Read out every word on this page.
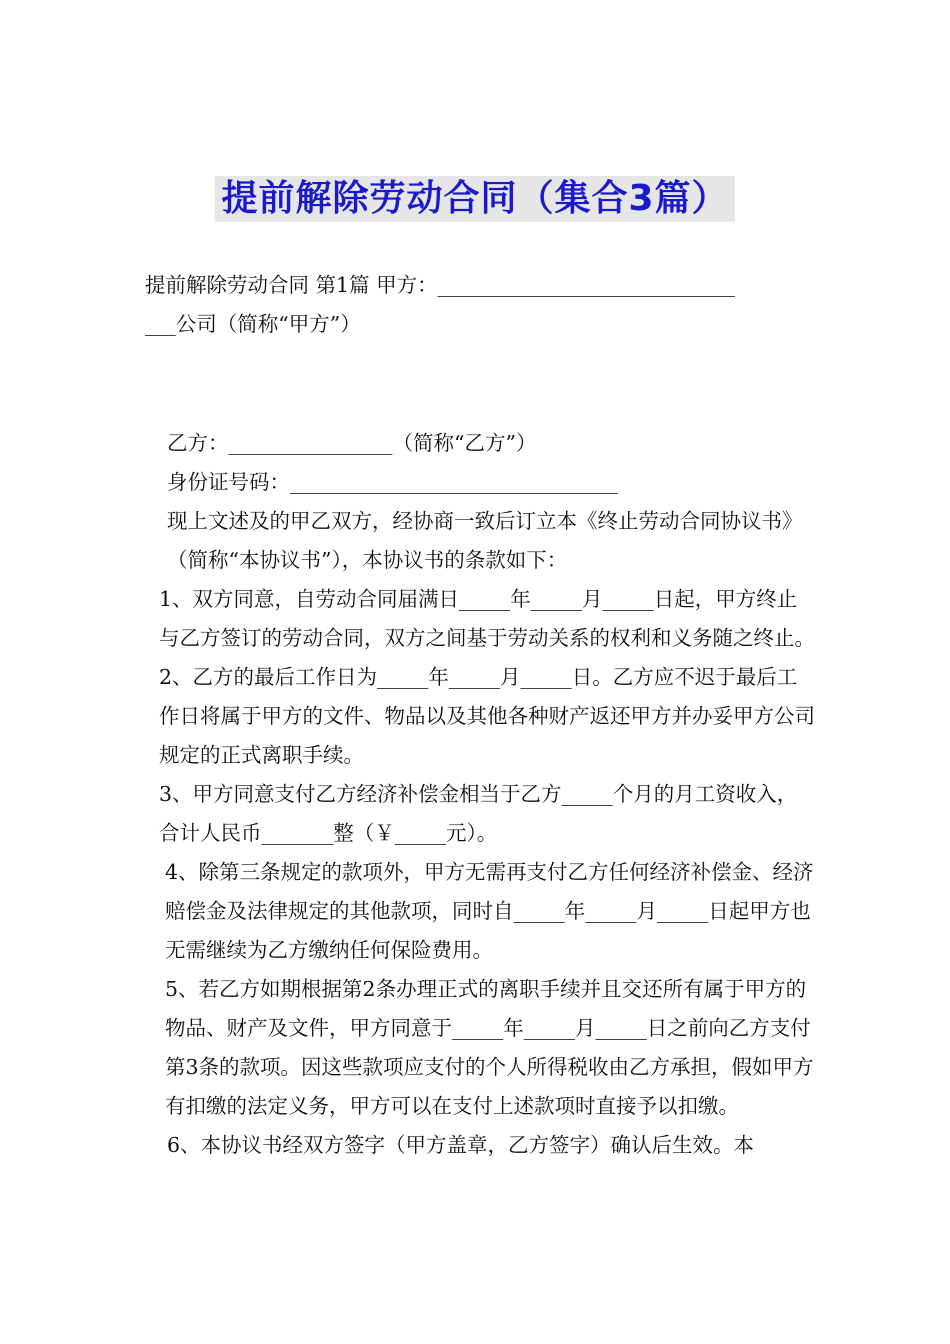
提前解除劳动合同（集合3篇）

提前解除劳动合同 第1篇 甲方：_____________________________

___公司（简称“甲方”）

乙方：________________（简称“乙方”）

身份证号码：________________________________

现上文述及的甲乙双方，经协商一致后订立本《终止劳动合同协议书》（简称“本协议书”），本协议书的条款如下：

1、双方同意，自劳动合同届满日_____年_____月_____日起，甲方终止与乙方签订的劳动合同，双方之间基于劳动关系的权利和义务随之终止。

2、乙方的最后工作日为_____年_____月_____日。乙方应不迟于最后工作日将属于甲方的文件、物品以及其他各种财产返还甲方并办妥甲方公司规定的正式离职手续。

3、甲方同意支付乙方经济补偿金相当于乙方_____个月的月工资收入，合计人民币_______整（￥_____元）。

4、除第三条规定的款项外，甲方无需再支付乙方任何经济补偿金、经济赔偿金及法律规定的其他款项，同时自_____年_____月_____日起甲方也无需继续为乙方缴纳任何保险费用。

5、若乙方如期根据第2条办理正式的离职手续并且交还所有属于甲方的物品、财产及文件，甲方同意于_____年_____月_____日之前向乙方支付第3条的款项。因这些款项应支付的个人所得税收由乙方承担，假如甲方有扣缴的法定义务，甲方可以在支付上述款项时直接予以扣缴。

6、本协议书经双方签字（甲方盖章，乙方签字）确认后生效。本
